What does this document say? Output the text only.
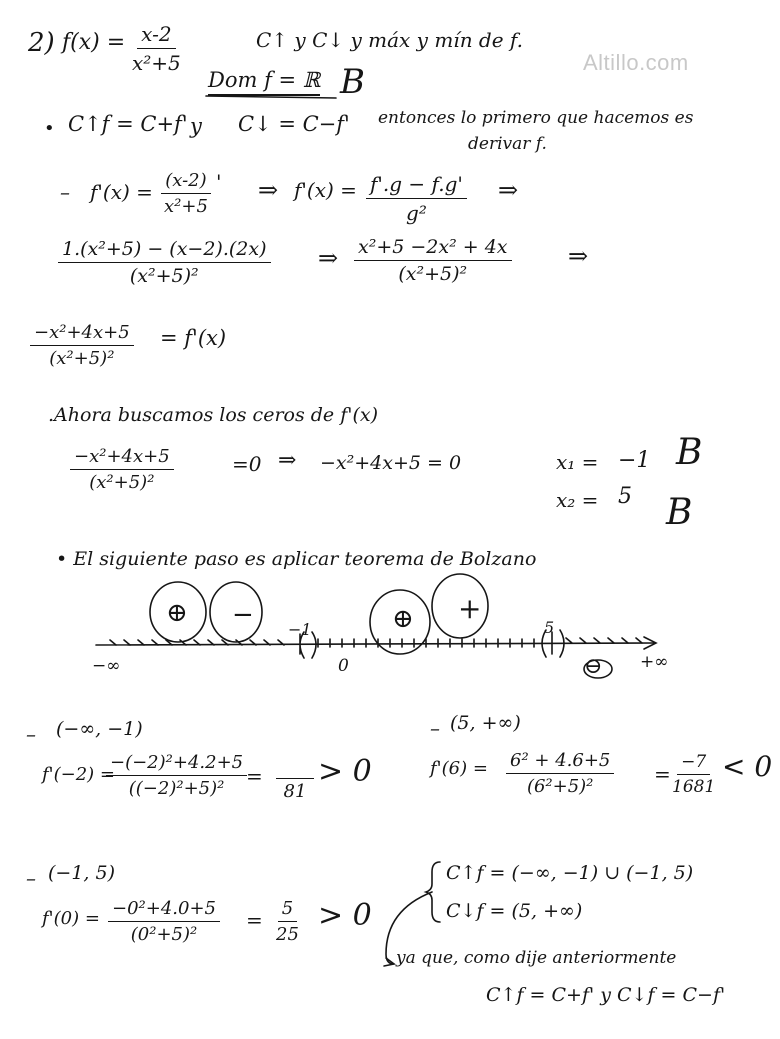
Altillo.com
2) $f(x) = \frac{x-2}{\text{x²+5}}$	C↑ y C↓ y máx y mín de f.
Dom f = ℝ B
• C↑f = C+f' y C↓ = C−f' entonces lo primero que hacemos es
derivar f.
– $f'(x) = \frac{(x-2)}{\text{x²+5}}$ ' ⇒ $f'(x) = \frac{f'.g - f.g'}{\text{g²}}$ ⇒
$\frac{\text{1.(x²+5) − (x−2).(2x)}}{\text{(x²+5)²}}$ ⇒ $\frac{\text{x²+5 −2x² + 4x}}{\text{(x²+5)²}}$ ⇒
$\frac{\text{−x²+4x+5}}{\text{(x²+5)²}} = f'(x)$
.Ahora buscamos los ceros de f'(x)
$\frac{\text{−x²+4x+5}}{\text{(x²+5)²}}$	=0 ⇒ −x²+4x+5 = 0	x₁ = −1
x₂ = 5
B
B
• El siguiente paso es aplicar teorema de Bolzano
−∞	+∞
−1
0
5
⊕ −	⊕ +
⊖
– (−∞, −1)
f'(−2) =
$\frac{\text{−(−2)²+4.2+5}}{\text{((−2)²+5)²}}$
=
81
> 0
– (5, +∞)
$f'(6) = \frac{\text{6² + 4.6+5}}{\text{(6²+5)²}}$ =
$\frac{-7}{1681} < 0$
– (−1, 5)
$f'(0) = \frac{\text{−0²+4.0+5}}{\text{(0²+5)²}} = \frac{5}{25} > 0$
C↑f = (−∞, −1) ∪ (−1, 5)
C↓f = (5, +∞)
ya que, como dije anteriormente
C↑f = C+f' y C↓f = C−f'
